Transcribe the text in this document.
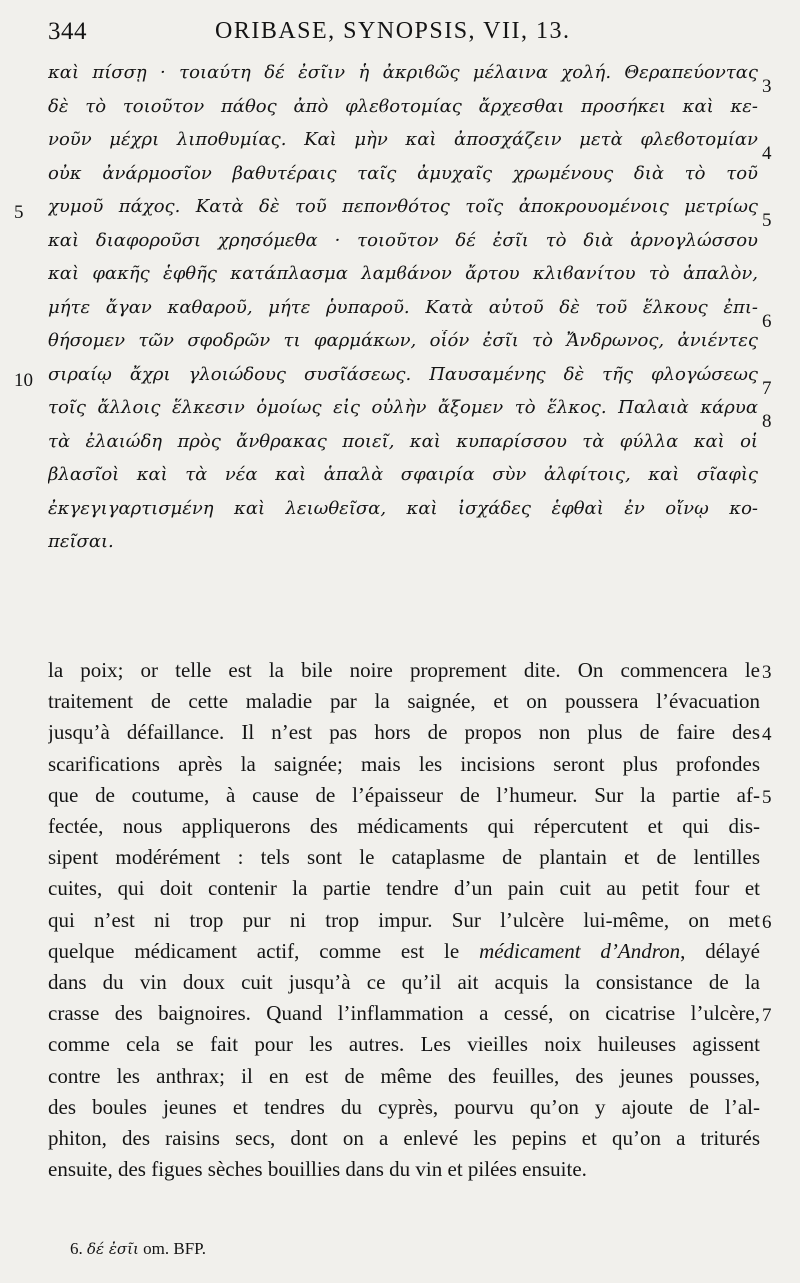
344	ORIBASE, SYNOPSIS, VII, 13.
καὶ πίσσῃ · τοιαύτη δέ ἐσῖιν ἡ ἀκριϐῶς μέλαινα χολή. Θεραπεύοντας
3
δὲ τὸ τοιοῦτον πάθος ἀπὸ φλεϐοτομίας ἄρχεσθαι προσήκει καὶ κε-
νοῦν μέχρι λιποθυμίας. Καὶ μὴν καὶ ἀποσχάζειν μετὰ φλεϐοτομίαν
4
οὐκ ἀνάρμοσῖον βαθυτέραις ταῖς ἀμυχαῖς χρωμένους διὰ τὸ τοῦ
χυμοῦ πάχος. Κατὰ δὲ τοῦ πεπονθότος τοῖς ἀποκρουομένοις μετρίως
5	5
καὶ διαφοροῦσι χρησόμεθα · τοιοῦτον δέ ἐσῖι τὸ διὰ ἀρνογλώσσου
καὶ φακῆς ἑφθῆς κατάπλασμα λαμϐάνον ἄρτου κλιϐανίτου τὸ ἁπαλὸν,
μήτε ἄγαν καθαροῦ, μήτε ῥυπαροῦ. Κατὰ αὐτοῦ δὲ τοῦ ἕλκους ἐπι-
6
θήσομεν τῶν σφοδρῶν τι φαρμάκων, οἷόν ἐσῖι τὸ Ἄνδρωνος, ἀνιέντες
σιραίῳ ἄχρι γλοιώδους συσῖάσεως. Παυσαμένης δὲ τῆς φλογώσεως
10	7
τοῖς ἄλλοις ἕλκεσιν ὁμοίως εἰς οὐλὴν ἄξομεν τὸ ἕλκος. Παλαιὰ κάρυα
8
τὰ ἐλαιώδη πρὸς ἄνθρακας ποιεῖ, καὶ κυπαρίσσου τὰ φύλλα καὶ οἱ
βλασῖοὶ καὶ τὰ νέα καὶ ἁπαλὰ σφαιρία σὺν ἀλφίτοις, καὶ σῖαφὶς
ἐκγεγιγαρτισμένη καὶ λειωθεῖσα, καὶ ἰσχάδες ἑφθαὶ ἐν οἴνῳ κο-
πεῖσαι.
la poix; or telle est la bile noire proprement dite. On commencera le 3
traitement de cette maladie par la saignée, et on poussera l’évacuation
jusqu’à défaillance. Il n’est pas hors de propos non plus de faire des 4
scarifications après la saignée; mais les incisions seront plus profondes
que de coutume, à cause de l’épaisseur de l’humeur. Sur la partie af- 5
fectée, nous appliquerons des médicaments qui répercutent et qui dis-
sipent modérément : tels sont le cataplasme de plantain et de lentilles
cuites, qui doit contenir la partie tendre d’un pain cuit au petit four et
qui n’est ni trop pur ni trop impur. Sur l’ulcère lui-même, on met 6
quelque médicament actif, comme est le médicament d’Andron, délayé
dans du vin doux cuit jusqu’à ce qu’il ait acquis la consistance de la
crasse des baignoires. Quand l’inflammation a cessé, on cicatrise l’ulcère, 7
comme cela se fait pour les autres. Les vieilles noix huileuses agissent
contre les anthrax; il en est de même des feuilles, des jeunes pousses,
des boules jeunes et tendres du cyprès, pourvu qu’on y ajoute de l’al-
phiton, des raisins secs, dont on a enlevé les pepins et qu’on a triturés
ensuite, des figues sèches bouillies dans du vin et pilées ensuite.
6. δέ ἐσῖι om. BFP.
